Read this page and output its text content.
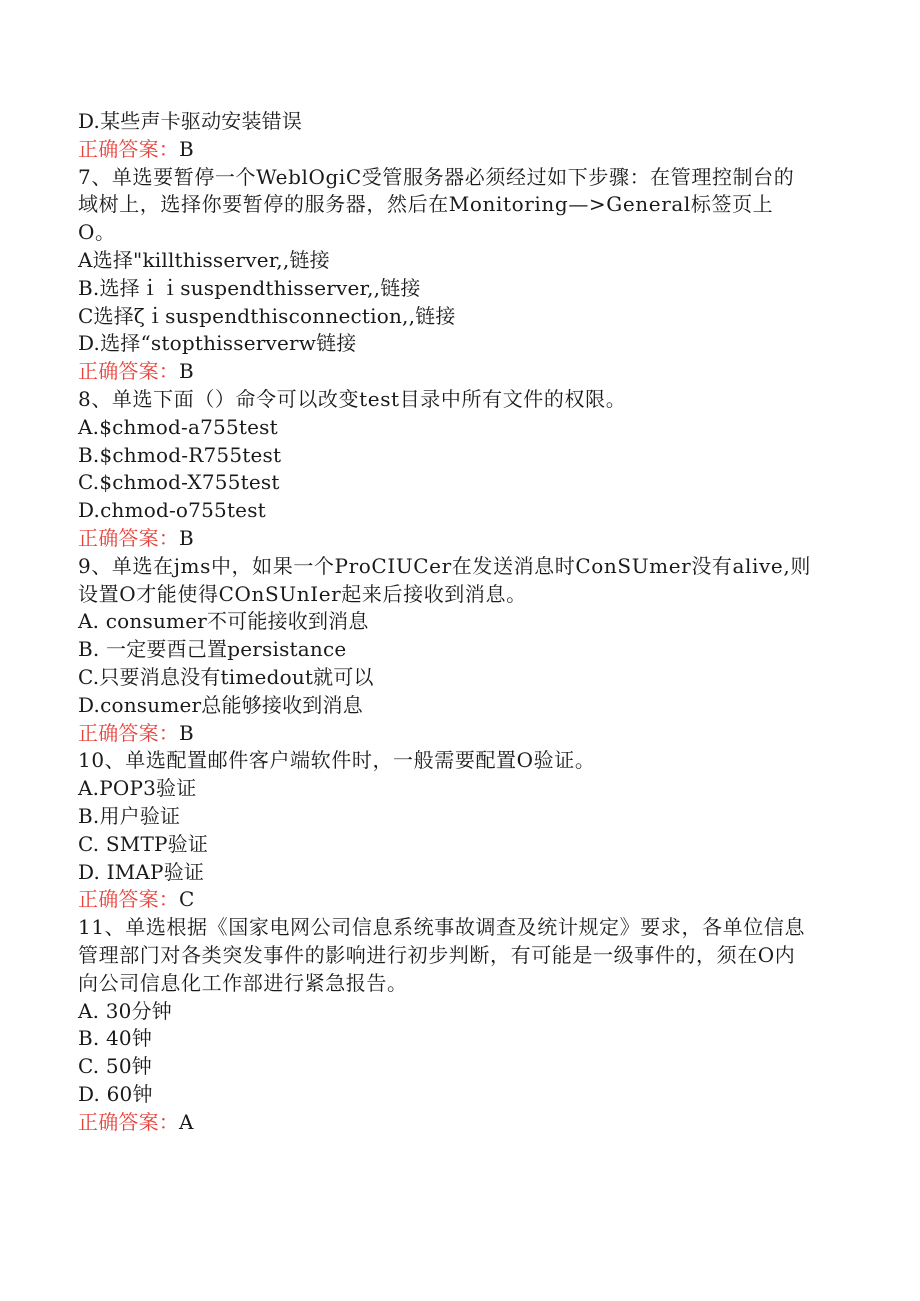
D.某些声卡驱动安装错误
正确答案：B
7、单选要暂停一个WeblOgiC受管服务器必须经过如下步骤：在管理控制台的
域树上，选择你要暂停的服务器，然后在Monitoring—>General标签页上
O。
A选择"killthisserver,,链接
B.选择ｉｉsuspendthisserver,,链接
C选择ζｉsuspendthisconnection,,链接
D.选择“stopthisserverw链接
正确答案：B
8、单选下面（）命令可以改变test目录中所有文件的权限。
A.$chmod-a755test
B.$chmod-R755test
C.$chmod-X755test
D.chmod-o755test
正确答案：B
9、单选在jms中，如果一个ProCIUCer在发送消息时ConSUmer没有alive,则
设置O才能使得COnSUnIer起来后接收到消息。
A. consumer不可能接收到消息
B. 一定要酉己置persistance
C.只要消息没有timedout就可以
D.consumer总能够接收到消息
正确答案：B
10、单选配置邮件客户端软件时，一般需要配置O验证。
A.POP3验证
B.用户验证
C. SMTP验证
D. IMAP验证
正确答案：C
11、单选根据《国家电网公司信息系统事故调查及统计规定》要求，各单位信息
管理部门对各类突发事件的影响进行初步判断，有可能是一级事件的，须在O内
向公司信息化工作部进行紧急报告。
A. 30分钟
B. 40钟
C. 50钟
D. 60钟
正确答案：A
